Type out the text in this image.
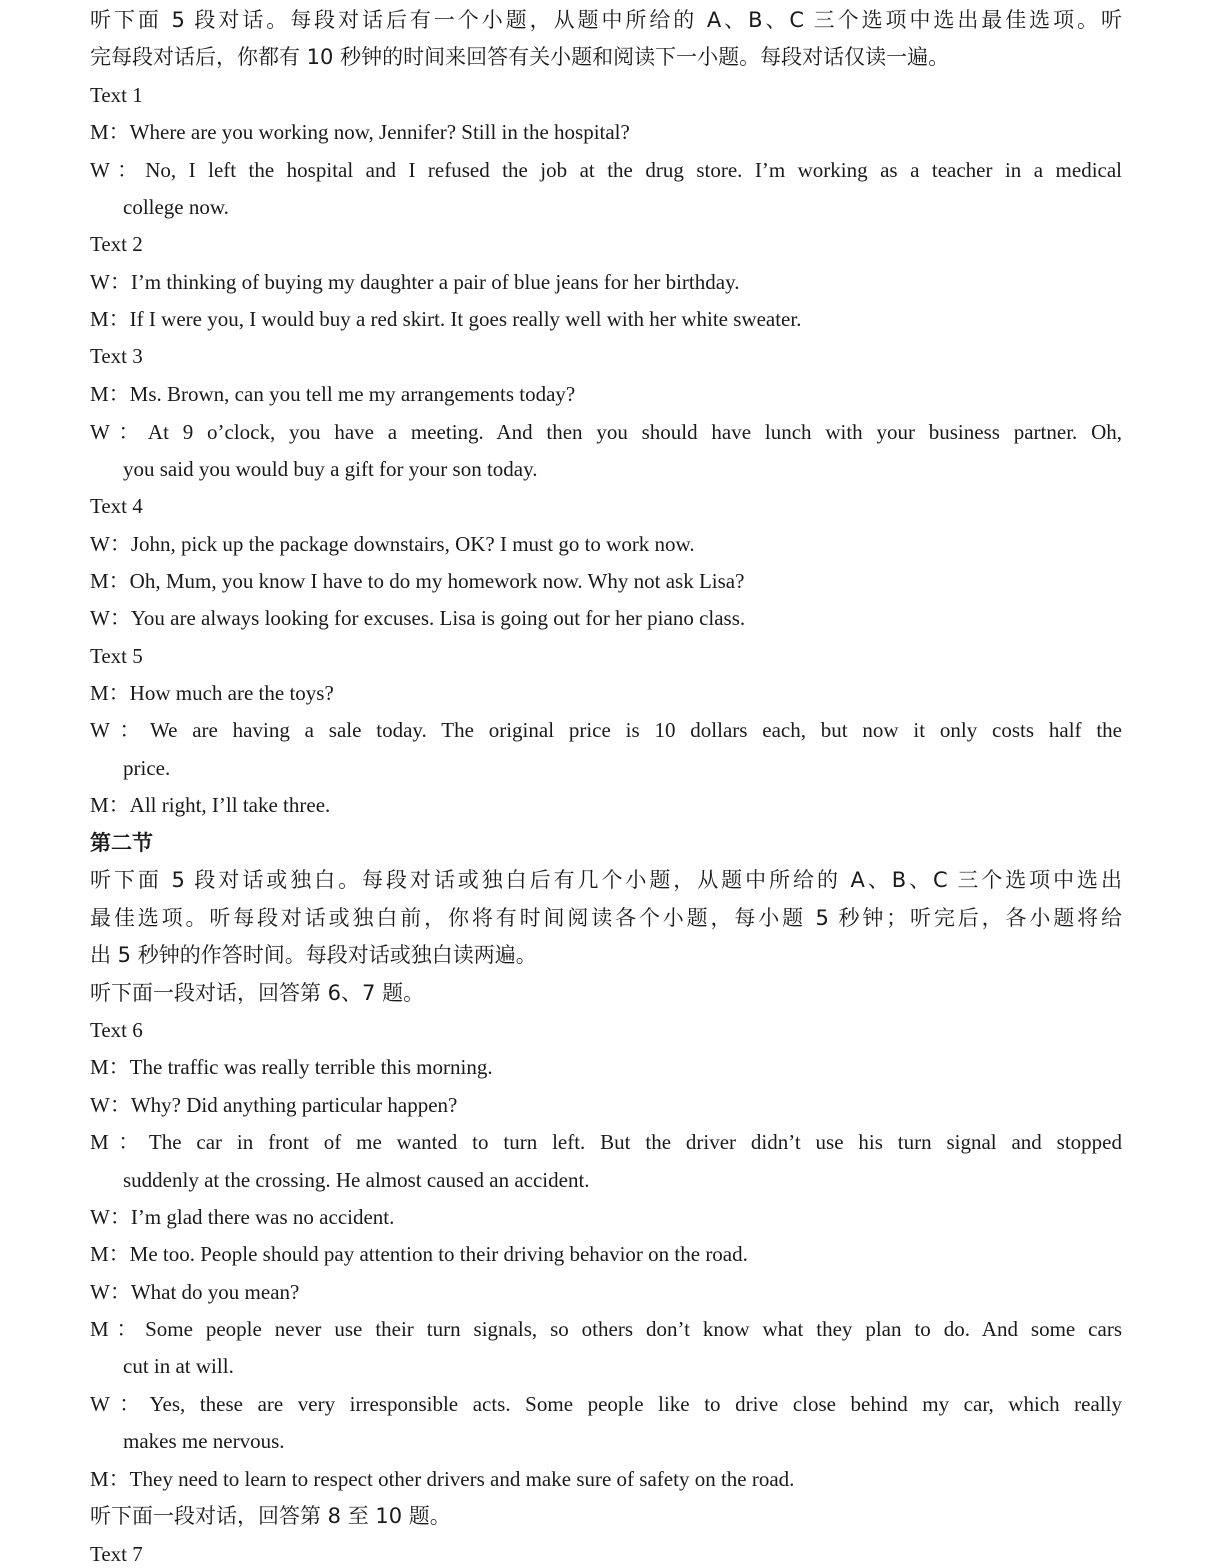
听下面 5 段对话。每段对话后有一个小题，从题中所给的 A、B、C 三个选项中选出最佳选项。听
完每段对话后，你都有 10 秒钟的时间来回答有关小题和阅读下一小题。每段对话仅读一遍。
Text 1
M：Where are you working now, Jennifer? Still in the hospital?
W：No, I left the hospital and I refused the job at the drug store. I’m working as a teacher in a medical
college now.
Text 2
W：I’m thinking of buying my daughter a pair of blue jeans for her birthday.
M：If I were you, I would buy a red skirt. It goes really well with her white sweater.
Text 3
M：Ms. Brown, can you tell me my arrangements today?
W：At 9 o’clock, you have a meeting. And then you should have lunch with your business partner. Oh,
you said you would buy a gift for your son today.
Text 4
W：John, pick up the package downstairs, OK? I must go to work now.
M：Oh, Mum, you know I have to do my homework now. Why not ask Lisa?
W：You are always looking for excuses. Lisa is going out for her piano class.
Text 5
M：How much are the toys?
W：We are having a sale today. The original price is 10 dollars each, but now it only costs half the
price.
M：All right, I’ll take three.
第二节
听下面 5 段对话或独白。每段对话或独白后有几个小题，从题中所给的 A、B、C 三个选项中选出
最佳选项。听每段对话或独白前，你将有时间阅读各个小题，每小题 5 秒钟；听完后，各小题将给
出 5 秒钟的作答时间。每段对话或独白读两遍。
听下面一段对话，回答第 6、7 题。
Text 6
M：The traffic was really terrible this morning.
W：Why? Did anything particular happen?
M：The car in front of me wanted to turn left. But the driver didn’t use his turn signal and stopped
suddenly at the crossing. He almost caused an accident.
W：I’m glad there was no accident.
M：Me too. People should pay attention to their driving behavior on the road.
W：What do you mean?
M：Some people never use their turn signals, so others don’t know what they plan to do. And some cars
cut in at will.
W：Yes, these are very irresponsible acts. Some people like to drive close behind my car, which really
makes me nervous.
M：They need to learn to respect other drivers and make sure of safety on the road.
听下面一段对话，回答第 8 至 10 题。
Text 7
